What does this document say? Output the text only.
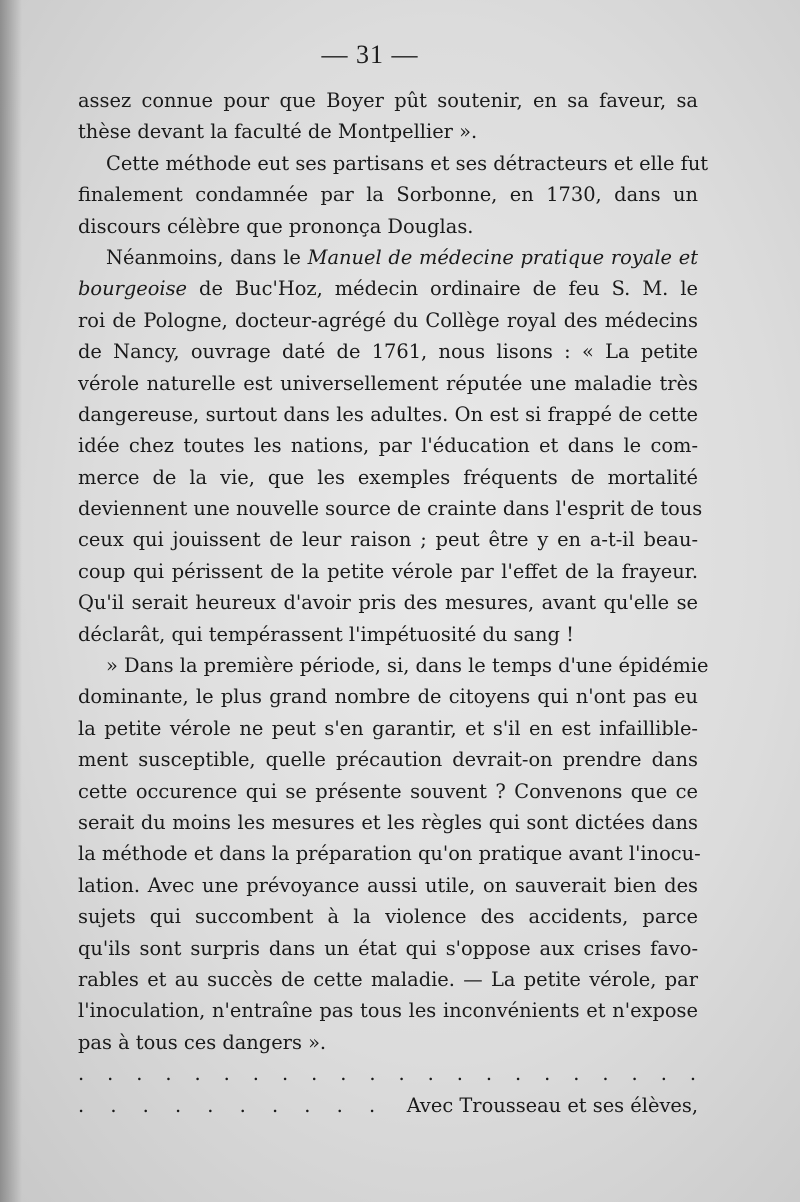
— 31 —
assez connue pour que Boyer pût soutenir, en sa faveur, sa
thèse devant la faculté de Montpellier ».
Cette méthode eut ses partisans et ses détracteurs et elle fut
finalement condamnée par la Sorbonne, en 1730, dans un
discours célèbre que prononça Douglas.
Néanmoins, dans le Manuel de médecine pratique royale et
bourgeoise de Buc'Hoz, médecin ordinaire de feu S. M. le
roi de Pologne, docteur-agrégé du Collège royal des médecins
de Nancy, ouvrage daté de 1761, nous lisons : « La petite
vérole naturelle est universellement réputée une maladie très
dangereuse, surtout dans les adultes. On est si frappé de cette
idée chez toutes les nations, par l'éducation et dans le com-
merce de la vie, que les exemples fréquents de mortalité
deviennent une nouvelle source de crainte dans l'esprit de tous
ceux qui jouissent de leur raison ; peut être y en a-t-il beau-
coup qui périssent de la petite vérole par l'effet de la frayeur.
Qu'il serait heureux d'avoir pris des mesures, avant qu'elle se
déclarât, qui tempérassent l'impétuosité du sang !
» Dans la première période, si, dans le temps d'une épidémie
dominante, le plus grand nombre de citoyens qui n'ont pas eu
la petite vérole ne peut s'en garantir, et s'il en est infaillible-
ment susceptible, quelle précaution devrait-on prendre dans
cette occurence qui se présente souvent ? Convenons que ce
serait du moins les mesures et les règles qui sont dictées dans
la méthode et dans la préparation qu'on pratique avant l'inocu-
lation. Avec une prévoyance aussi utile, on sauverait bien des
sujets qui succombent à la violence des accidents, parce
qu'ils sont surpris dans un état qui s'oppose aux crises favo-
rables et au succès de cette maladie. — La petite vérole, par
l'inoculation, n'entraîne pas tous les inconvénients et n'expose
pas à tous ces dangers ».
. . . . . . . . . . . . . . . . . . . . . .
. . . . . . . . . . Avec Trousseau et ses élèves,
